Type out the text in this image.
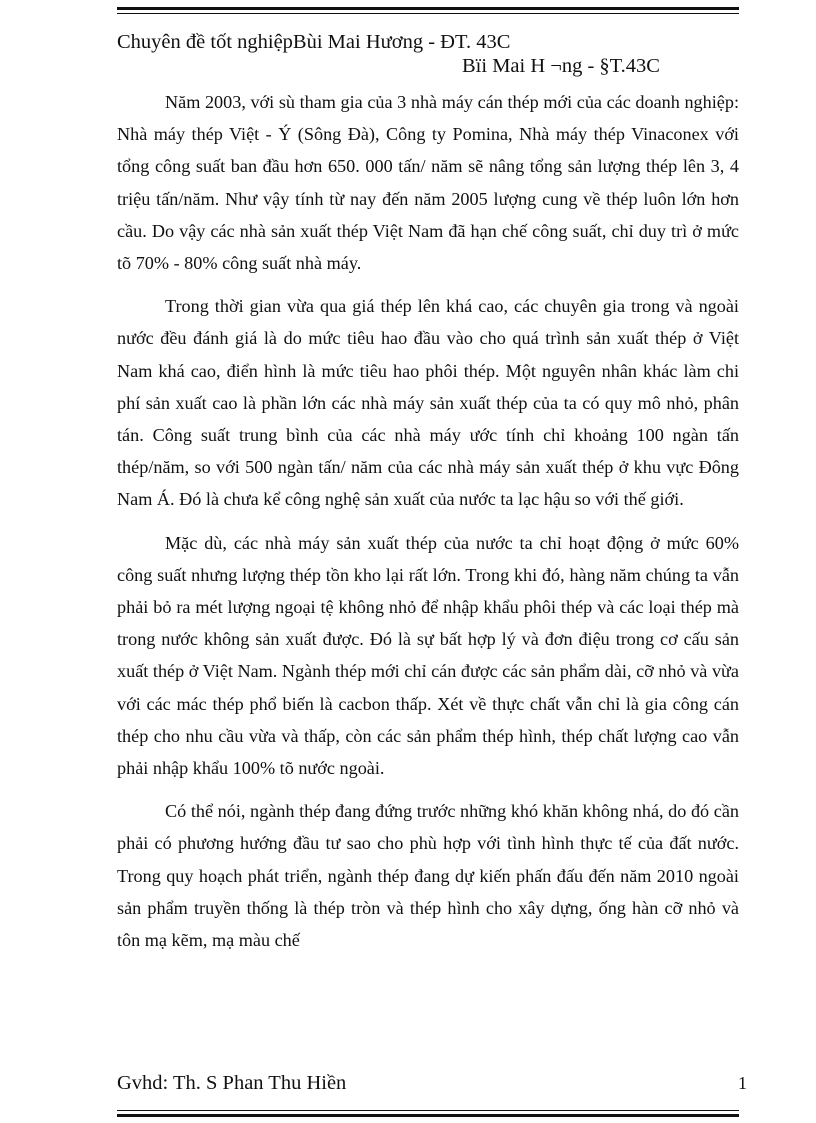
Chuyên đề tốt nghiệpBùi Mai Hương - ĐT. 43C
Bïi Mai H ¬ng - §T.43C

Năm 2003, với sù tham gia của 3 nhà máy cán thép mới của các doanh nghiệp: Nhà máy thép Việt - Ý (Sông Đà), Công ty Pomina, Nhà máy thép Vinaconex với tổng công suất ban đầu hơn 650. 000 tấn/ năm sẽ nâng tổng sản lượng thép lên 3, 4 triệu tấn/năm. Như vậy tính từ nay đến năm 2005 lượng cung về thép luôn lớn hơn cầu. Do vậy các nhà sản xuất thép Việt Nam đã hạn chế công suất, chỉ duy trì ở mức tõ 70% - 80% công suất nhà máy.

Trong thời gian vừa qua giá thép lên khá cao, các chuyên gia trong và ngoài nước đều đánh giá là do mức tiêu hao đầu vào cho quá trình sản xuất thép ở Việt Nam khá cao, điển hình là mức tiêu hao phôi thép. Một nguyên nhân khác làm chi phí sản xuất cao là phần lớn các nhà máy sản xuất thép của ta có quy mô nhỏ, phân tán. Công suất trung bình của các nhà máy ước tính chỉ khoảng 100 ngàn tấn thép/năm, so với 500 ngàn tấn/ năm của các nhà máy sản xuất thép ở khu vực Đông Nam Á. Đó là chưa kể công nghệ sản xuất của nước ta lạc hậu so với thế giới.

Mặc dù, các nhà máy sản xuất thép của nước ta chỉ hoạt động ở mức 60% công suất nhưng lượng thép tồn kho lại rất lớn. Trong khi đó, hàng năm chúng ta vẫn phải bỏ ra mét lượng ngoại tệ không nhỏ để nhập khẩu phôi thép và các loại thép mà trong nước không sản xuất được. Đó là sự bất hợp lý và đơn điệu trong cơ cấu sản xuất thép ở Việt Nam. Ngành thép mới chỉ cán được các sản phẩm dài, cỡ nhỏ và vừa với các mác thép phổ biến là cacbon thấp. Xét về thực chất vẫn chỉ là gia công cán thép cho nhu cầu vừa và thấp, còn các sản phẩm thép hình, thép chất lượng cao vẫn phải nhập khẩu 100% tõ nước ngoài.

Có thể nói, ngành thép đang đứng trước những khó khăn không nhá, do đó cần phải có phương hướng đầu tư sao cho phù hợp với tình hình thực tế của đất nước. Trong quy hoạch phát triển, ngành thép đang dự kiến phấn đấu đến năm 2010 ngoài sản phẩm truyền thống là thép tròn và thép hình cho xây dựng, ống hàn cỡ nhỏ và tôn mạ kẽm, mạ màu chế

Gvhd: Th. S Phan Thu Hiền	1
